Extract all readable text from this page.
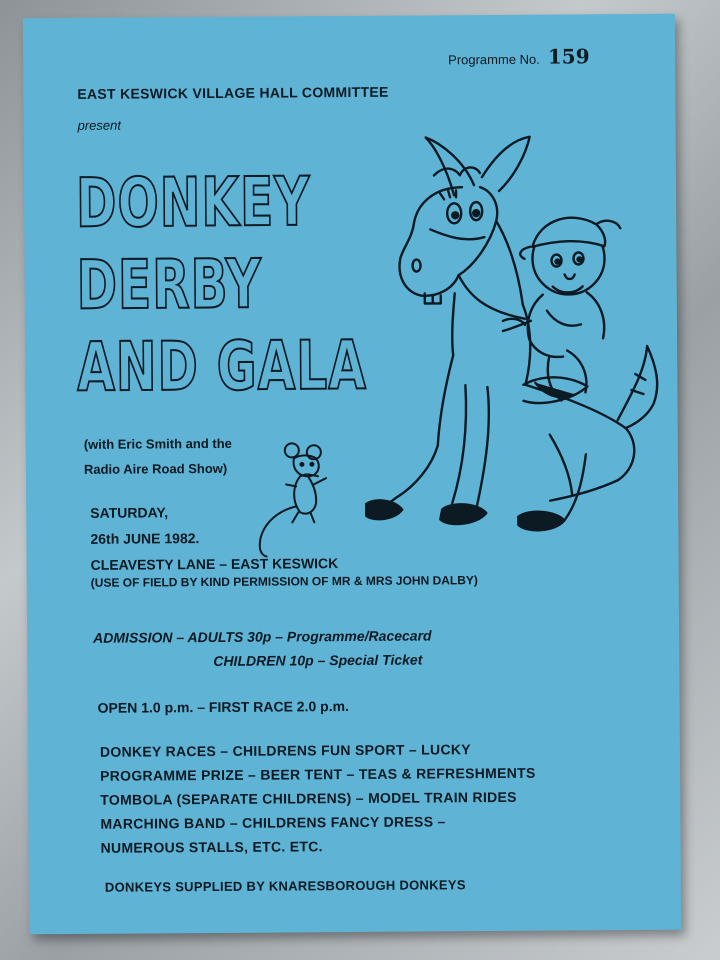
Programme No. 159
EAST KESWICK VILLAGE HALL COMMITTEE
present
DONKEY
DERBY
AND GALA
(with Eric Smith and the
Radio Aire Road Show)
SATURDAY,
26th JUNE 1982.
CLEAVESTY LANE – EAST KESWICK
(USE OF FIELD BY KIND PERMISSION OF MR & MRS JOHN DALBY)
ADMISSION – ADULTS 30p – Programme/Racecard
CHILDREN 10p – Special Ticket
OPEN 1.0 p.m. – FIRST RACE 2.0 p.m.
DONKEY RACES – CHILDRENS FUN SPORT – LUCKY
PROGRAMME PRIZE – BEER TENT – TEAS & REFRESHMENTS
TOMBOLA (SEPARATE CHILDRENS) – MODEL TRAIN RIDES
MARCHING BAND – CHILDRENS FANCY DRESS –
NUMEROUS STALLS, ETC. ETC.
DONKEYS SUPPLIED BY KNARESBOROUGH DONKEYS
